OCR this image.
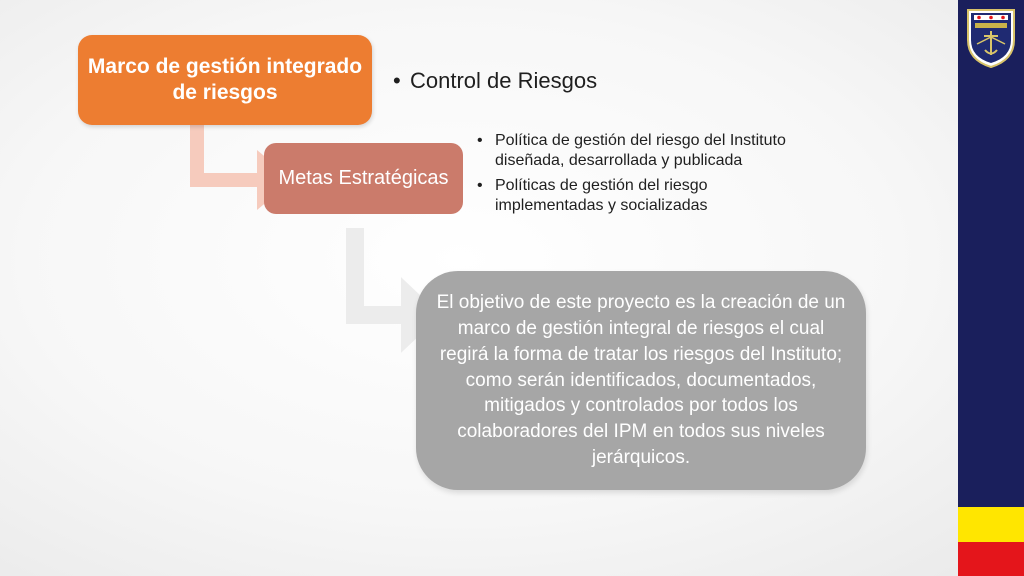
Marco de gestión integrado de riesgos
•	Control de Riesgos
Metas Estratégicas
• Política de gestión del riesgo del Instituto diseñada, desarrollada y publicada
• Políticas de gestión del riesgo implementadas y socializadas
El objetivo de este proyecto es la creación de un marco de gestión integral de riesgos el cual regirá la forma de tratar los riesgos del Instituto; como serán identificados, documentados, mitigados y controlados por todos los colaboradores del IPM en todos sus niveles jerárquicos.
